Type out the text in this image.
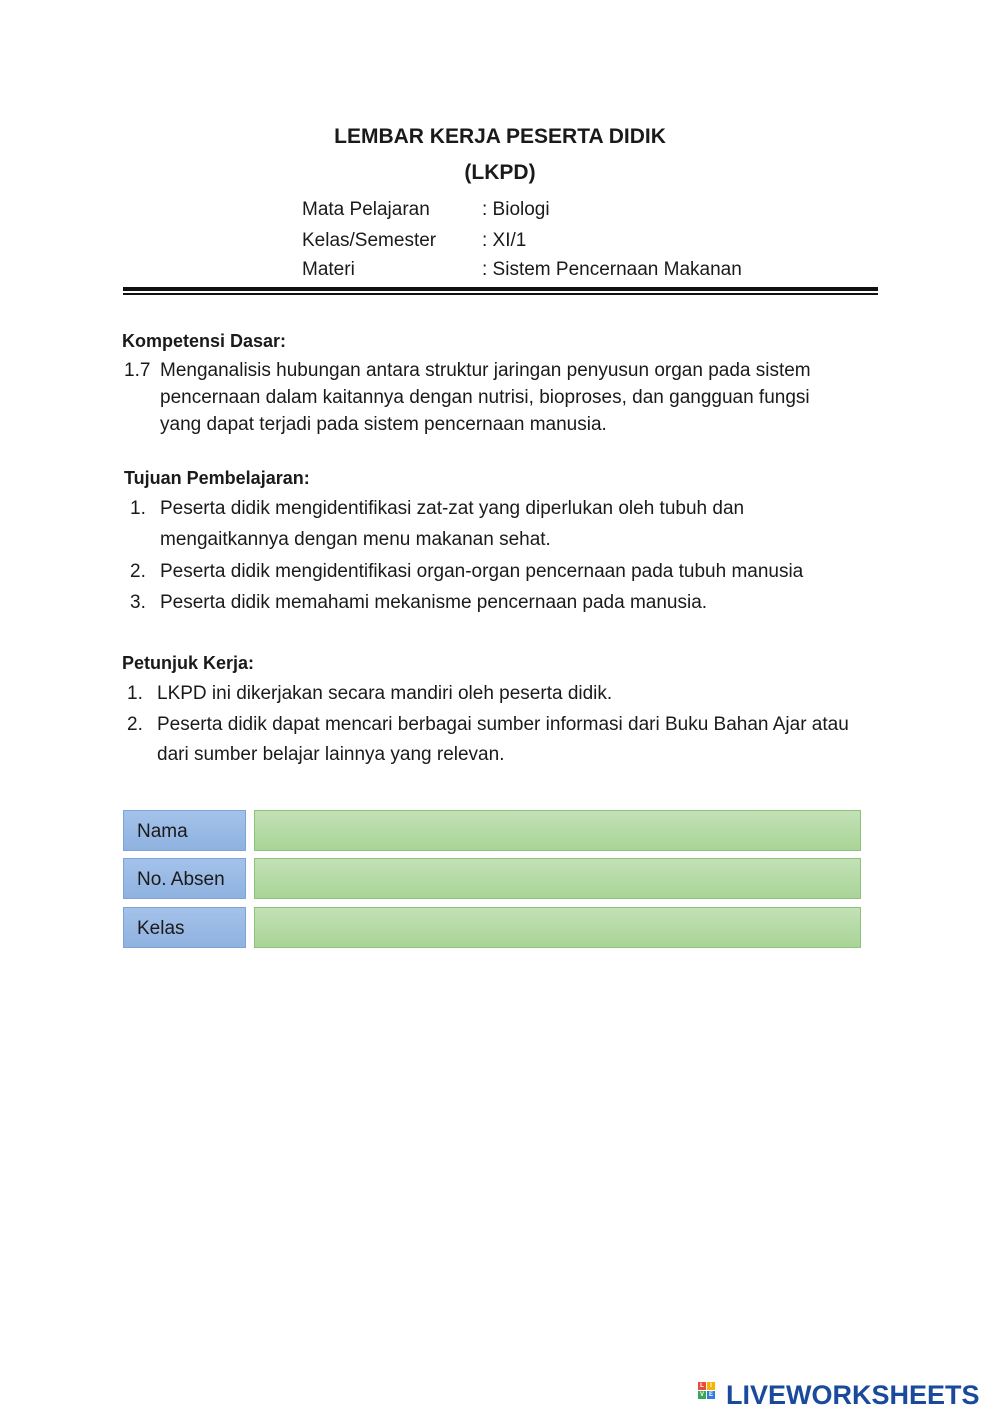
LEMBAR KERJA PESERTA DIDIK
(LKPD)
Mata Pelajaran	: Biologi
Kelas/Semester : XI/1
Materi	: Sistem Pencernaan Makanan
Kompetensi Dasar:
1.7 Menganalisis hubungan antara struktur jaringan penyusun organ pada sistem
pencernaan dalam kaitannya dengan nutrisi, bioproses, dan gangguan fungsi
yang dapat terjadi pada sistem pencernaan manusia.
Tujuan Pembelajaran:
1. Peserta didik mengidentifikasi zat-zat yang diperlukan oleh tubuh dan
mengaitkannya dengan menu makanan sehat.
2. Peserta didik mengidentifikasi organ-organ pencernaan pada tubuh manusia
3. Peserta didik memahami mekanisme pencernaan pada manusia.
Petunjuk Kerja:
1. LKPD ini dikerjakan secara mandiri oleh peserta didik.
2. Peserta didik dapat mencari berbagai sumber informasi dari Buku Bahan Ajar atau
dari sumber belajar lainnya yang relevan.
Nama
No. Absen
Kelas
L	I
V E LIVEWORKSHEETS
